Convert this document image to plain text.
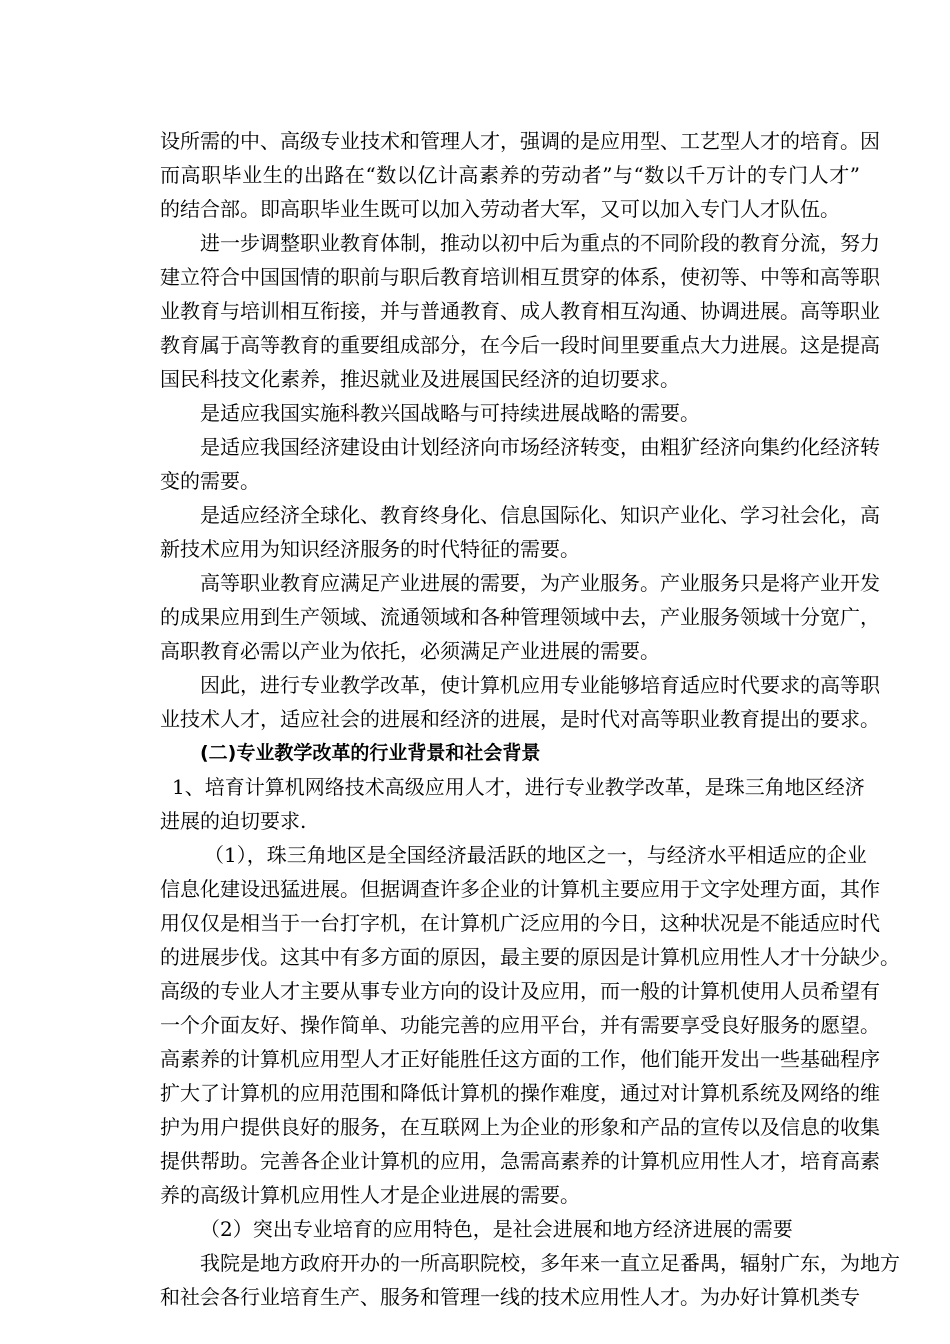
设所需的中、高级专业技术和管理人才，强调的是应用型、工艺型人才的培育。因
而高职毕业生的出路在“数以亿计高素养的劳动者”与“数以千万计的专门人才”
的结合部。即高职毕业生既可以加入劳动者大军，又可以加入专门人才队伍。
进一步调整职业教育体制，推动以初中后为重点的不同阶段的教育分流，努力
建立符合中国国情的职前与职后教育培训相互贯穿的体系，使初等、中等和高等职
业教育与培训相互衔接，并与普通教育、成人教育相互沟通、协调进展。高等职业
教育属于高等教育的重要组成部分，在今后一段时间里要重点大力进展。这是提高
国民科技文化素养，推迟就业及进展国民经济的迫切要求。
是适应我国实施科教兴国战略与可持续进展战略的需要。
是适应我国经济建设由计划经济向市场经济转变，由粗犷经济向集约化经济转
变的需要。
是适应经济全球化、教育终身化、信息国际化、知识产业化、学习社会化，高
新技术应用为知识经济服务的时代特征的需要。
高等职业教育应满足产业进展的需要，为产业服务。产业服务只是将产业开发
的成果应用到生产领域、流通领域和各种管理领域中去，产业服务领域十分宽广，
高职教育必需以产业为依托，必须满足产业进展的需要。
因此，进行专业教学改革，使计算机应用专业能够培育适应时代要求的高等职
业技术人才，适应社会的进展和经济的进展，是时代对高等职业教育提出的要求。
(二)专业教学改革的行业背景和社会背景
1、培育计算机网络技术高级应用人才，进行专业教学改革，是珠三角地区经济
进展的迫切要求.
（1），珠三角地区是全国经济最活跃的地区之一，与经济水平相适应的企业
信息化建设迅猛进展。但据调查许多企业的计算机主要应用于文字处理方面，其作
用仅仅是相当于一台打字机，在计算机广泛应用的今日，这种状况是不能适应时代
的进展步伐。这其中有多方面的原因，最主要的原因是计算机应用性人才十分缺少。
高级的专业人才主要从事专业方向的设计及应用，而一般的计算机使用人员希望有
一个介面友好、操作简单、功能完善的应用平台，并有需要享受良好服务的愿望。
高素养的计算机应用型人才正好能胜任这方面的工作，他们能开发出一些基础程序
扩大了计算机的应用范围和降低计算机的操作难度，通过对计算机系统及网络的维
护为用户提供良好的服务，在互联网上为企业的形象和产品的宣传以及信息的收集
提供帮助。完善各企业计算机的应用，急需高素养的计算机应用性人才，培育高素
养的高级计算机应用性人才是企业进展的需要。
（2）突出专业培育的应用特色，是社会进展和地方经济进展的需要
我院是地方政府开办的一所高职院校，多年来一直立足番禺，辐射广东，为地方
和社会各行业培育生产、服务和管理一线的技术应用性人才。为办好计算机类专
